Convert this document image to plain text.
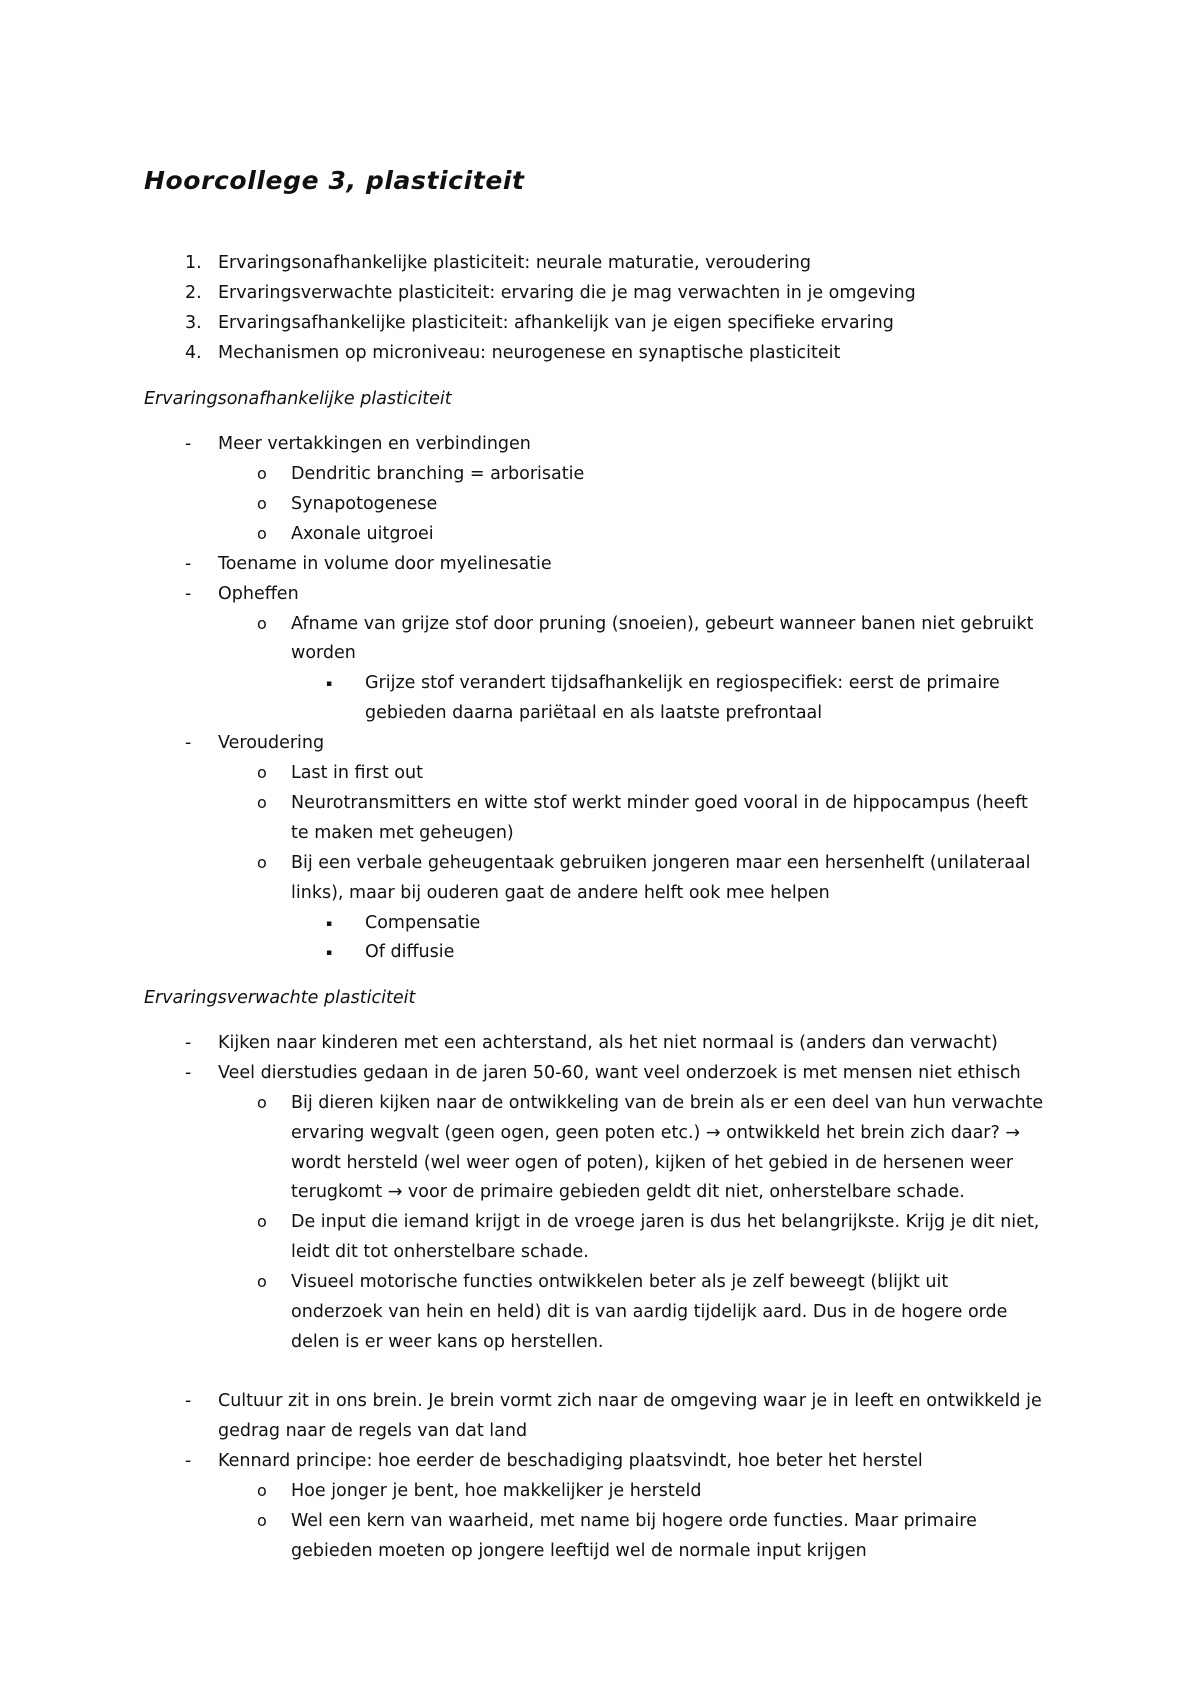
Hoorcollege 3, plasticiteit
1. Ervaringsonafhankelijke plasticiteit: neurale maturatie, veroudering
2. Ervaringsverwachte plasticiteit: ervaring die je mag verwachten in je omgeving
3. Ervaringsafhankelijke plasticiteit: afhankelijk van je eigen specifieke ervaring
4. Mechanismen op microniveau: neurogenese en synaptische plasticiteit
Ervaringsonafhankelijke plasticiteit
- Meer vertakkingen en verbindingen
o Dendritic branching = arborisatie
o Synapotogenese
o Axonale uitgroei
- Toename in volume door myelinesatie
- Opheffen
o Afname van grijze stof door pruning (snoeien), gebeurt wanneer banen niet gebruikt
worden
▪ Grijze stof verandert tijdsafhankelijk en regiospecifiek: eerst de primaire
gebieden daarna pariëtaal en als laatste prefrontaal
- Veroudering
o Last in first out
o Neurotransmitters en witte stof werkt minder goed vooral in de hippocampus (heeft
te maken met geheugen)
o Bij een verbale geheugentaak gebruiken jongeren maar een hersenhelft (unilateraal
links), maar bij ouderen gaat de andere helft ook mee helpen
▪ Compensatie
▪ Of diffusie
Ervaringsverwachte plasticiteit
- Kijken naar kinderen met een achterstand, als het niet normaal is (anders dan verwacht)
- Veel dierstudies gedaan in de jaren 50-60, want veel onderzoek is met mensen niet ethisch
o Bij dieren kijken naar de ontwikkeling van de brein als er een deel van hun verwachte
ervaring wegvalt (geen ogen, geen poten etc.) → ontwikkeld het brein zich daar? →
wordt hersteld (wel weer ogen of poten), kijken of het gebied in de hersenen weer
terugkomt → voor de primaire gebieden geldt dit niet, onherstelbare schade.
o De input die iemand krijgt in de vroege jaren is dus het belangrijkste. Krijg je dit niet,
leidt dit tot onherstelbare schade.
o Visueel motorische functies ontwikkelen beter als je zelf beweegt (blijkt uit
onderzoek van hein en held) dit is van aardig tijdelijk aard. Dus in de hogere orde
delen is er weer kans op herstellen.
- Cultuur zit in ons brein. Je brein vormt zich naar de omgeving waar je in leeft en ontwikkeld je
gedrag naar de regels van dat land
- Kennard principe: hoe eerder de beschadiging plaatsvindt, hoe beter het herstel
o Hoe jonger je bent, hoe makkelijker je hersteld
o Wel een kern van waarheid, met name bij hogere orde functies. Maar primaire
gebieden moeten op jongere leeftijd wel de normale input krijgen
